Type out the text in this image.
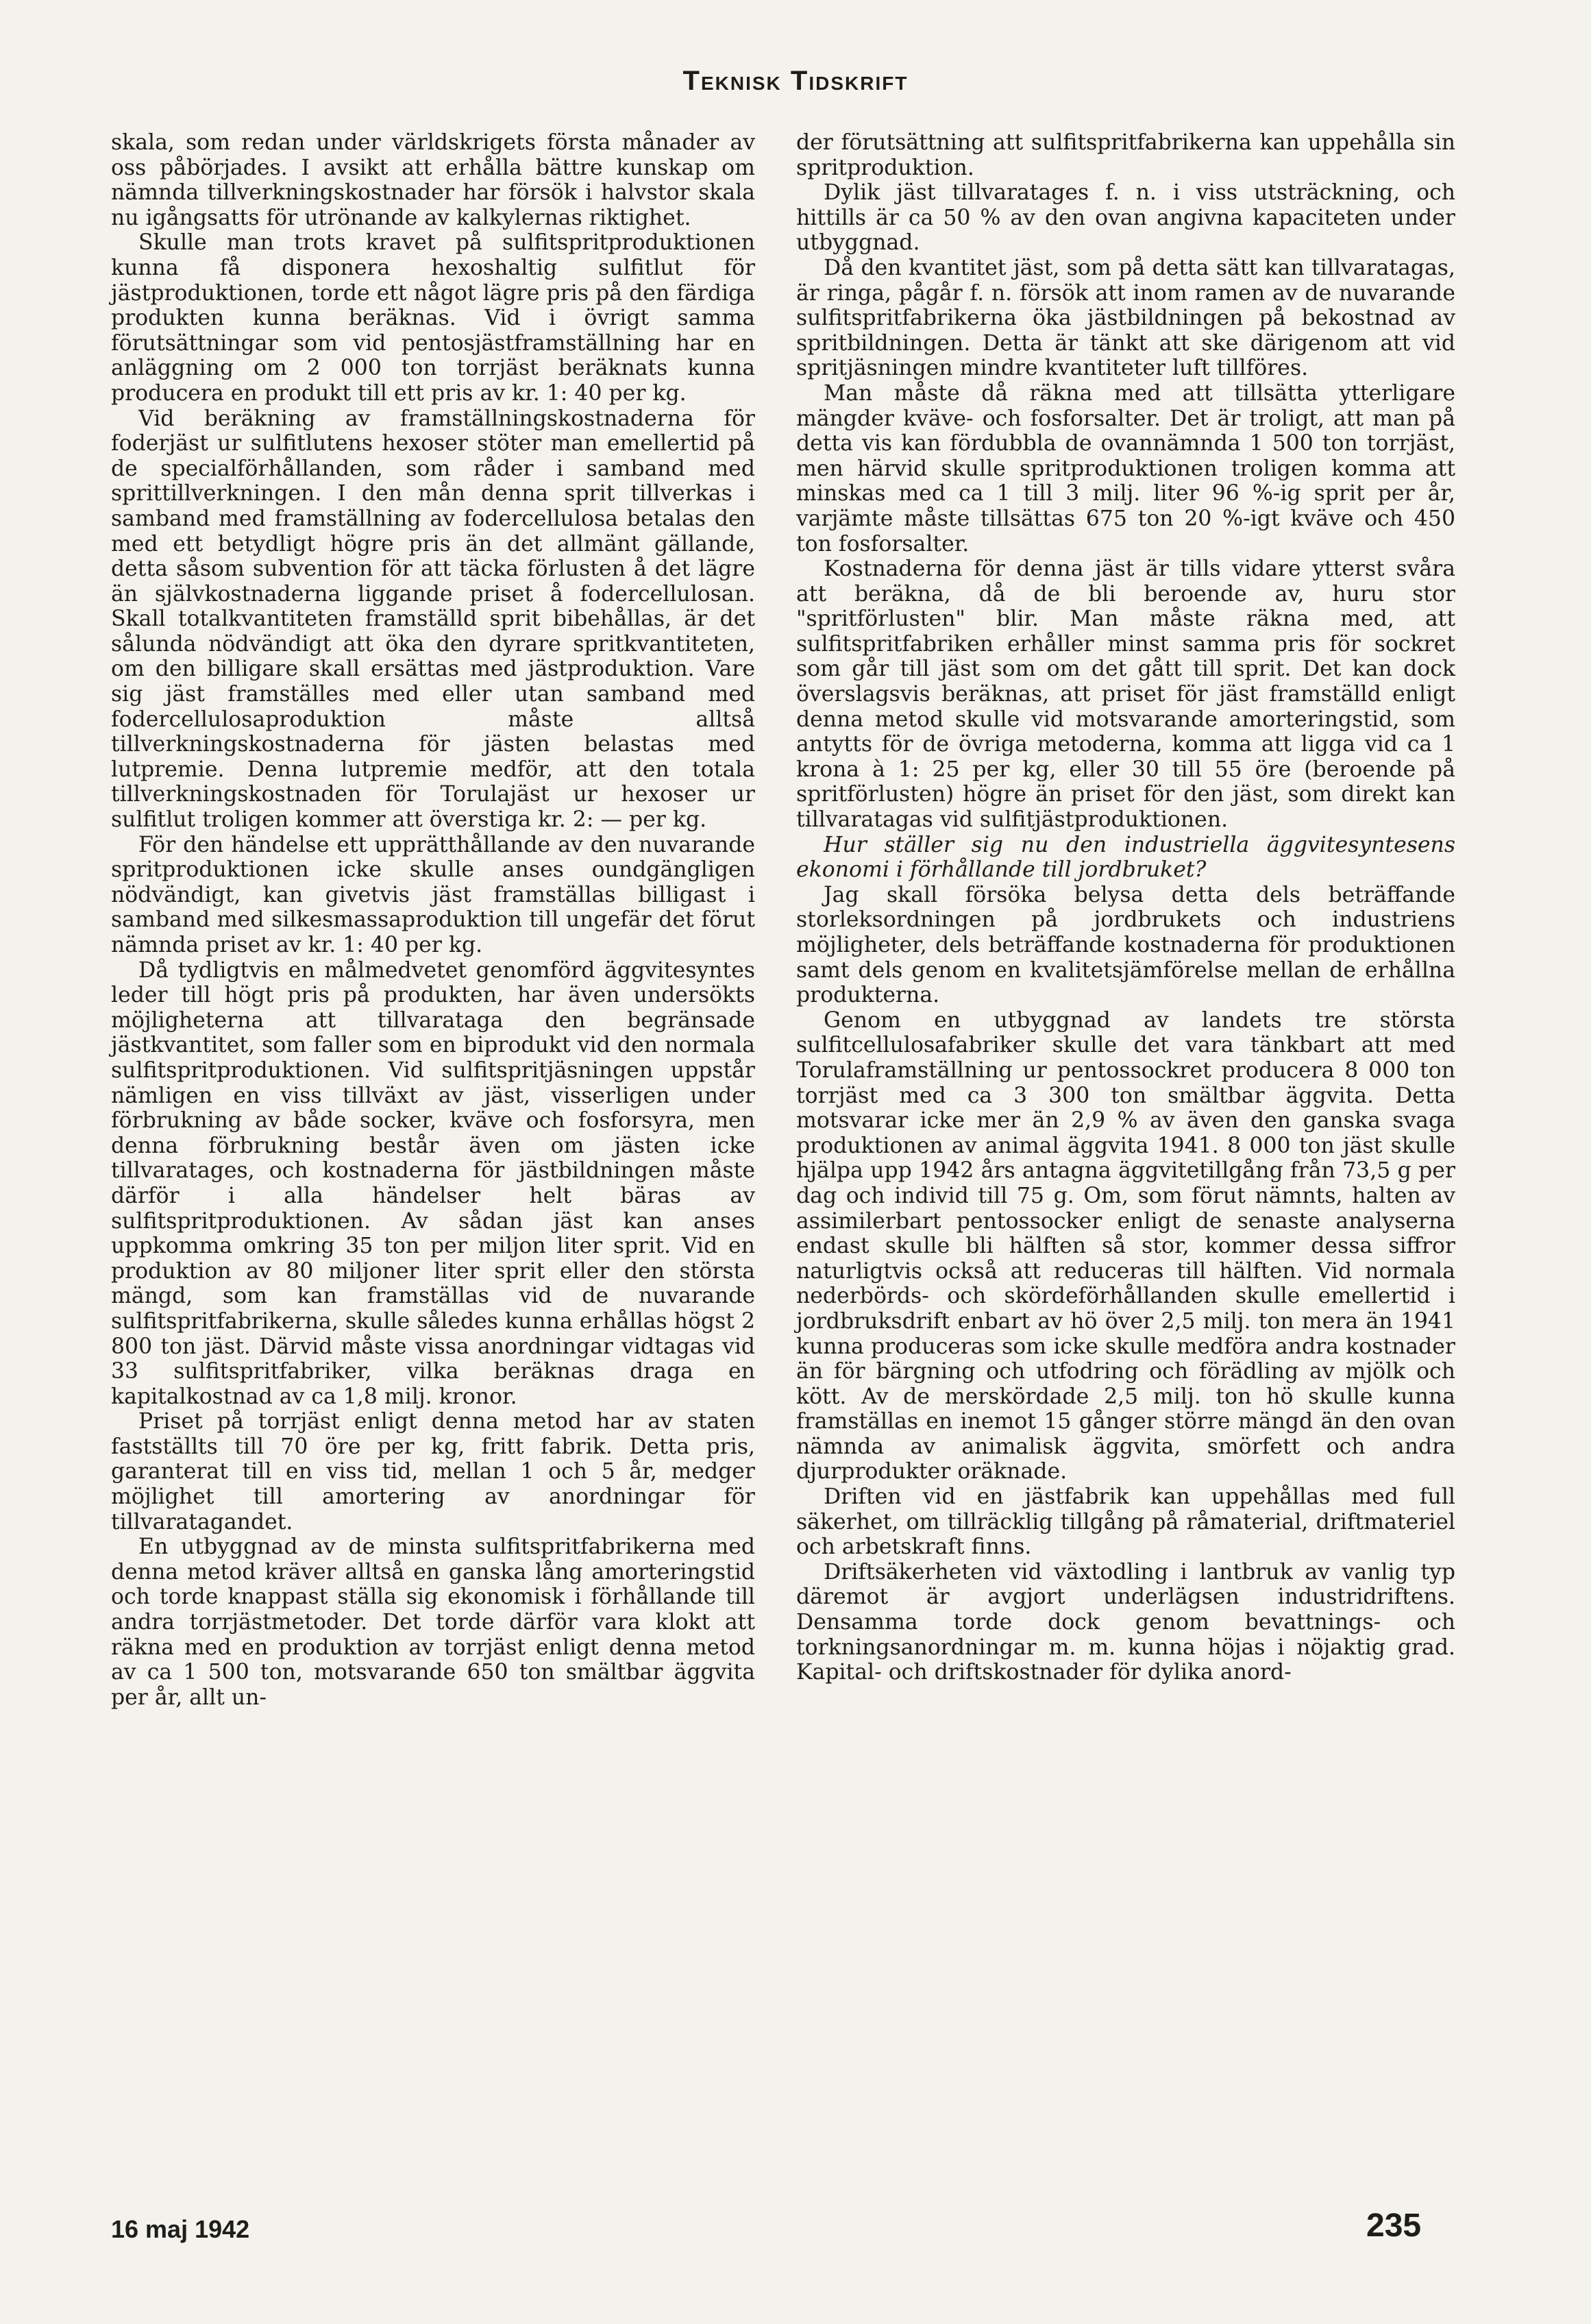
Teknisk Tidskrift

skala, som redan under världskrigets första månader av oss påbörjades. I avsikt att erhålla bättre kunskap om nämnda tillverkningskostnader har försök i halvstor skala nu igångsatts för utrönande av kalkylernas riktighet.

Skulle man trots kravet på sulfitspritproduktionen kunna få disponera hexoshaltig sulfitlut för jästproduktionen, torde ett något lägre pris på den färdiga produkten kunna beräknas. Vid i övrigt samma förutsättningar som vid pentosjästframställning har en anläggning om 2 000 ton torrjäst beräknats kunna producera en produkt till ett pris av kr. 1: 40 per kg.

Vid beräkning av framställningskostnaderna för foderjäst ur sulfitlutens hexoser stöter man emellertid på de specialförhållanden, som råder i samband med sprittillverkningen. I den mån denna sprit tillverkas i samband med framställning av fodercellulosa betalas den med ett betydligt högre pris än det allmänt gällande, detta såsom subvention för att täcka förlusten å det lägre än självkostnaderna liggande priset å fodercellulosan. Skall totalkvantiteten framställd sprit bibehållas, är det sålunda nödvändigt att öka den dyrare spritkvantiteten, om den billigare skall ersättas med jästproduktion. Vare sig jäst framställes med eller utan samband med fodercellulosaproduktion måste alltså tillverkningskostnaderna för jästen belastas med lutpremie. Denna lutpremie medför, att den totala tillverkningskostnaden för Torulajäst ur hexoser ur sulfitlut troligen kommer att överstiga kr. 2: — per kg.

För den händelse ett upprätthållande av den nuvarande spritproduktionen icke skulle anses oundgängligen nödvändigt, kan givetvis jäst framställas billigast i samband med silkesmassaproduktion till ungefär det förut nämnda priset av kr. 1: 40 per kg.

Då tydligtvis en målmedvetet genomförd äggvitesyntes leder till högt pris på produkten, har även undersökts möjligheterna att tillvarataga den begränsade jästkvantitet, som faller som en biprodukt vid den normala sulfitspritproduktionen. Vid sulfitspritjäsningen uppstår nämligen en viss tillväxt av jäst, visserligen under förbrukning av både socker, kväve och fosforsyra, men denna förbrukning består även om jästen icke tillvaratages, och kostnaderna för jästbildningen måste därför i alla händelser helt bäras av sulfitspritproduktionen. Av sådan jäst kan anses uppkomma omkring 35 ton per miljon liter sprit. Vid en produktion av 80 miljoner liter sprit eller den största mängd, som kan framställas vid de nuvarande sulfitspritfabrikerna, skulle således kunna erhållas högst 2 800 ton jäst. Därvid måste vissa anordningar vidtagas vid 33 sulfitspritfabriker, vilka beräknas draga en kapitalkostnad av ca 1,8 milj. kronor.

Priset på torrjäst enligt denna metod har av staten fastställts till 70 öre per kg, fritt fabrik. Detta pris, garanterat till en viss tid, mellan 1 och 5 år, medger möjlighet till amortering av anordningar för tillvaratagandet.

En utbyggnad av de minsta sulfitspritfabrikerna med denna metod kräver alltså en ganska lång amorteringstid och torde knappast ställa sig ekonomisk i förhållande till andra torrjästmetoder. Det torde därför vara klokt att räkna med en produktion av torrjäst enligt denna metod av ca 1 500 ton, motsvarande 650 ton smältbar äggvita per år, allt un-

der förutsättning att sulfitspritfabrikerna kan uppehålla sin spritproduktion.

Dylik jäst tillvaratages f. n. i viss utsträckning, och hittills är ca 50 % av den ovan angivna kapaciteten under utbyggnad.

Då den kvantitet jäst, som på detta sätt kan tillvaratagas, är ringa, pågår f. n. försök att inom ramen av de nuvarande sulfitspritfabrikerna öka jästbildningen på bekostnad av spritbildningen. Detta är tänkt att ske därigenom att vid spritjäsningen mindre kvantiteter luft tillföres.

Man måste då räkna med att tillsätta ytterligare mängder kväve- och fosforsalter. Det är troligt, att man på detta vis kan fördubbla de ovannämnda 1 500 ton torrjäst, men härvid skulle spritproduktionen troligen komma att minskas med ca 1 till 3 milj. liter 96 %-ig sprit per år, varjämte måste tillsättas 675 ton 20 %-igt kväve och 450 ton fosforsalter.

Kostnaderna för denna jäst är tills vidare ytterst svåra att beräkna, då de bli beroende av, huru stor "spritförlusten" blir. Man måste räkna med, att sulfitspritfabriken erhåller minst samma pris för sockret som går till jäst som om det gått till sprit. Det kan dock överslagsvis beräknas, att priset för jäst framställd enligt denna metod skulle vid motsvarande amorteringstid, som antytts för de övriga metoderna, komma att ligga vid ca 1 krona à 1: 25 per kg, eller 30 till 55 öre (beroende på spritförlusten) högre än priset för den jäst, som direkt kan tillvaratagas vid sulfitjästproduktionen.

Hur ställer sig nu den industriella äggvitesyntesens ekonomi i förhållande till jordbruket?

Jag skall försöka belysa detta dels beträffande storleksordningen på jordbrukets och industriens möjligheter, dels beträffande kostnaderna för produktionen samt dels genom en kvalitetsjämförelse mellan de erhållna produkterna.

Genom en utbyggnad av landets tre största sulfitcellulosafabriker skulle det vara tänkbart att med Torulaframställning ur pentossockret producera 8 000 ton torrjäst med ca 3 300 ton smältbar äggvita. Detta motsvarar icke mer än 2,9 % av även den ganska svaga produktionen av animal äggvita 1941. 8 000 ton jäst skulle hjälpa upp 1942 års antagna äggvitetillgång från 73,5 g per dag och individ till 75 g. Om, som förut nämnts, halten av assimilerbart pentossocker enligt de senaste analyserna endast skulle bli hälften så stor, kommer dessa siffror naturligtvis också att reduceras till hälften. Vid normala nederbörds- och skördeförhållanden skulle emellertid i jordbruksdrift enbart av hö över 2,5 milj. ton mera än 1941 kunna produceras som icke skulle medföra andra kostnader än för bärgning och utfodring och förädling av mjölk och kött. Av de merskördade 2,5 milj. ton hö skulle kunna framställas en inemot 15 gånger större mängd än den ovan nämnda av animalisk äggvita, smörfett och andra djurprodukter oräknade.

Driften vid en jästfabrik kan uppehållas med full säkerhet, om tillräcklig tillgång på råmaterial, driftmateriel och arbetskraft finns.

Driftsäkerheten vid växtodling i lantbruk av vanlig typ däremot är avgjort underlägsen industridriftens. Densamma torde dock genom bevattnings- och torkningsanordningar m. m. kunna höjas i nöjaktig grad. Kapital- och driftskostnader för dylika anord-

16 maj 1942	235
